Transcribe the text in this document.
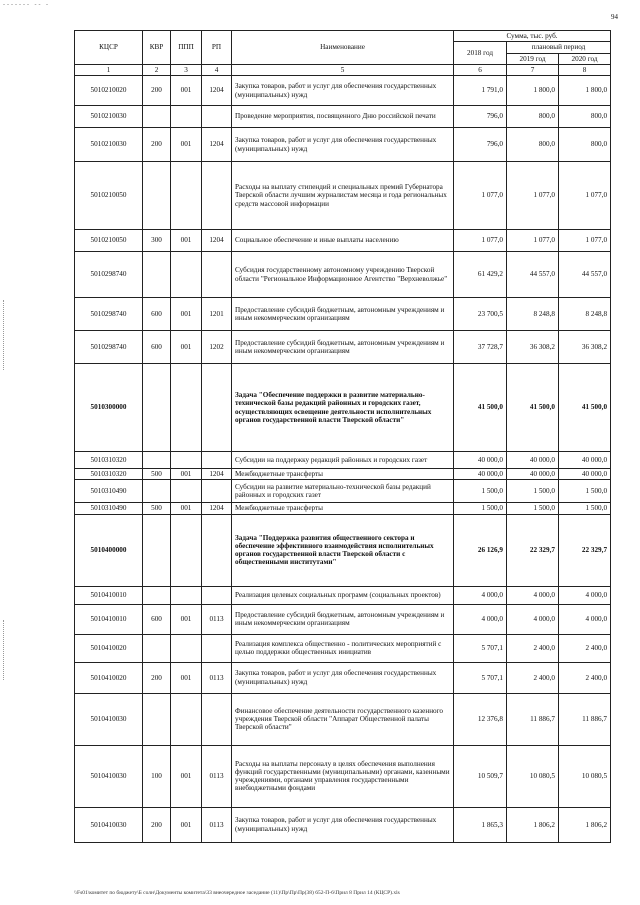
------- -- -
94
КЦСР	КВР	ППП	РП	Наименование	Сумма, тыс. руб.		
					2018 год	плановый период	
						2019 год	2020 год
1	2	3	4	5	6	7	8
5010210020	200	001	1204	Закупка товаров, работ и услуг для обеспечения государственных (муниципальных) нужд	1 791,0	1 800,0	1 800,0
5010210030				Проведение мероприятия, посвященного Дню российской печати	796,0	800,0	800,0
5010210030	200	001	1204	Закупка товаров, работ и услуг для обеспечения государственных (муниципальных) нужд	796,0	800,0	800,0
5010210050				Расходы на выплату стипендий и специальных премий Губернатора Тверской области лучшим журналистам месяца и года региональных средств массовой информации	1 077,0	1 077,0	1 077,0
5010210050	300	001	1204	Социальное обеспечение и иные выплаты населению	1 077,0	1 077,0	1 077,0
5010298740				Субсидия государственному автономному учреждению Тверской области "Региональное Информационное Агентство "Верхневолжье"	61 429,2	44 557,0	44 557,0
5010298740	600	001	1201	Предоставление субсидий бюджетным, автономным учреждениям и иным некоммерческим организациям	23 700,5	8 248,8	8 248,8
5010298740	600	001	1202	Предоставление субсидий бюджетным, автономным учреждениям и иным некоммерческим организациям	37 728,7	36 308,2	36 308,2
5010300000				Задача "Обеспечение поддержки в развитие материально-технической базы редакций районных и городских газет, осуществляющих освещение деятельности исполнительных органов государственной власти Тверской области"	41 500,0	41 500,0	41 500,0
5010310320				Субсидии на поддержку редакций районных и городских газет	40 000,0	40 000,0	40 000,0
5010310320	500	001	1204	Межбюджетные трансферты	40 000,0	40 000,0	40 000,0
5010310490				Субсидии на развитие материально-технической базы редакций районных и городских газет	1 500,0	1 500,0	1 500,0
5010310490	500	001	1204	Межбюджетные трансферты	1 500,0	1 500,0	1 500,0
5010400000				Задача "Поддержка развития общественного сектора и обеспечение эффективного взаимодействия исполнительных органов государственной власти Тверской области с общественными институтами"	26 126,9	22 329,7	22 329,7
5010410010				Реализация целевых социальных программ (социальных проектов)	4 000,0	4 000,0	4 000,0
5010410010	600	001	0113	Предоставление субсидий бюджетным, автономным учреждениям и иным некоммерческим организациям	4 000,0	4 000,0	4 000,0
5010410020				Реализация комплекса общественно - политических мероприятий с целью поддержки общественных инициатив	5 707,1	2 400,0	2 400,0
5010410020	200	001	0113	Закупка товаров, работ и услуг для обеспечения государственных (муниципальных) нужд	5 707,1	2 400,0	2 400,0
5010410030				Финансовое обеспечение деятельности государственного казенного учреждения Тверской области "Аппарат Общественной палаты Тверской области"	12 376,8	11 886,7	11 886,7
5010410030	100	001	0113	Расходы на выплаты персоналу в целях обеспечения выполнения функций государственными (муниципальными) органами, казенными учреждениями, органами управления государственными внебюджетными фондами	10 509,7	10 080,5	10 080,5
5010410030	200	001	0113	Закупка товаров, работ и услуг для обеспечения государственных (муниципальных) нужд	1 865,3	1 806,2	1 806,2
\\Fs01\комитет по бюджету\Б солн\Документы комитета\33 внеочередное заседание (11)\Пр\Пр\Пр(38) 652-П-6\Прил 8 Прил 14 (КЦСР).xls
